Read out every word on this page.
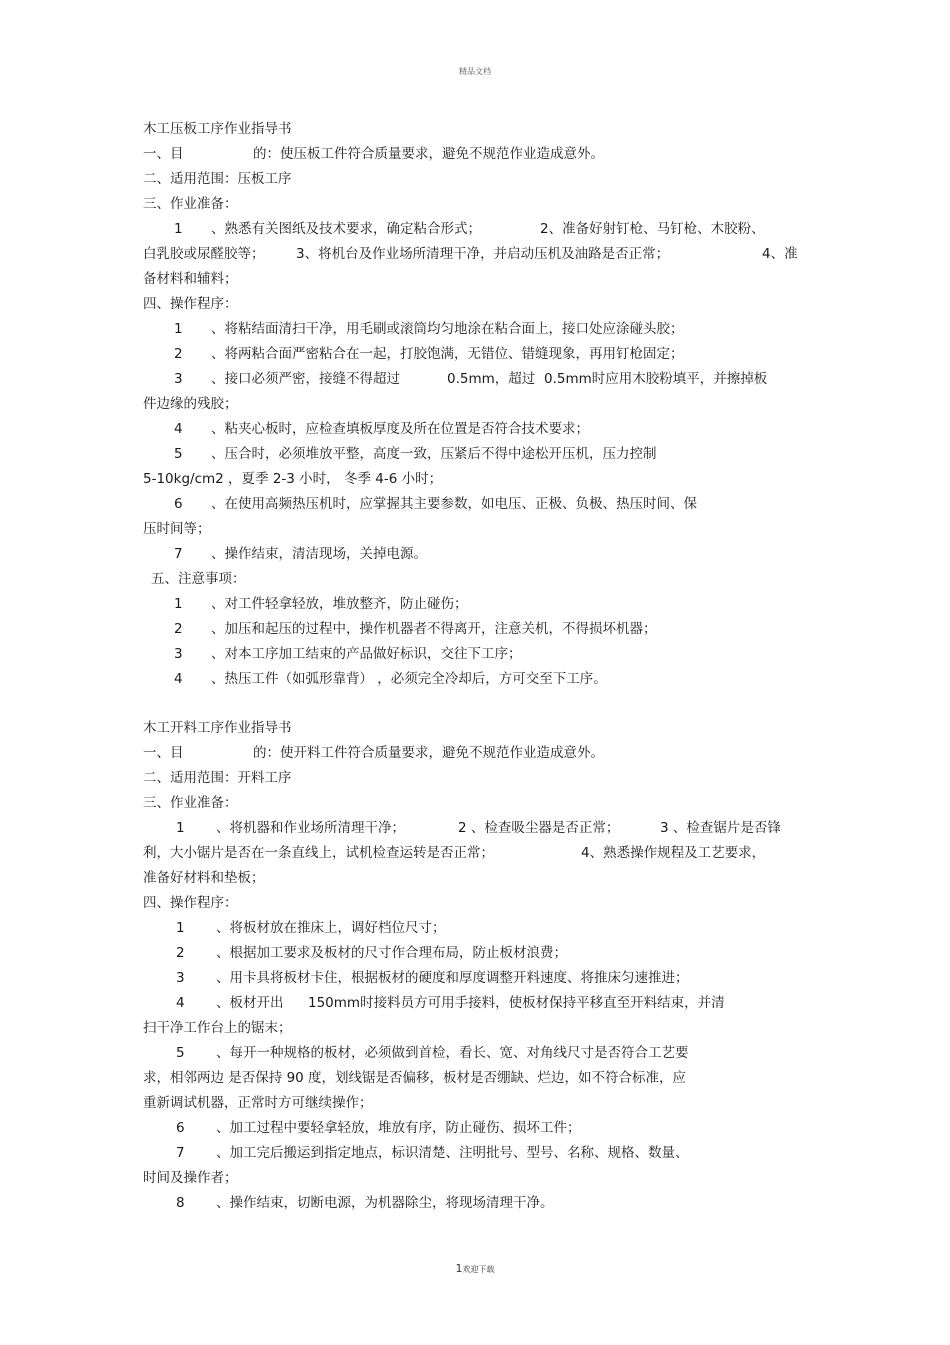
精品文档
木工压板工序作业指导书
一、目	的：使压板工件符合质量要求，避免不规范作业造成意外。
二、适用范围：压板工序
三、作业准备：
1 、熟悉有关图纸及技术要求，确定粘合形式；	2、准备好射钉枪、马钉枪、木胶粉、
白乳胶或尿醛胶等； 3、将机台及作业场所清理干净，并启动压机及油路是否正常；	4、准
备材料和辅料；
四、操作程序：
1 、将粘结面清扫干净，用毛刷或滚筒均匀地涂在粘合面上，接口处应涂碰头胶；
2 、将两粘合面严密粘合在一起，打胶饱满，无错位、错缝现象，再用钉枪固定；
3 、接口必须严密，接缝不得超过	0.5mm，超过 0.5mm时应用木胶粉填平，并擦掉板
件边缘的残胶；
4 、粘夹心板时，应检查填板厚度及所在位置是否符合技术要求；
5 、压合时，必须堆放平整，高度一致，压紧后不得中途松开压机，压力控制
5-10kg/cm2 ，夏季 2-3 小时， 冬季 4-6 小时；
6 、在使用高频热压机时，应掌握其主要参数，如电压、正极、负极、热压时间、保
压时间等；
7 、操作结束，清洁现场，关掉电源。
五、注意事项：
1 、对工件轻拿轻放，堆放整齐，防止碰伤；
2 、加压和起压的过程中，操作机器者不得离开，注意关机，不得损坏机器；
3 、对本工序加工结束的产品做好标识，交往下工序；
4 、热压工件（如弧形靠背） ，必须完全冷却后，方可交至下工序。
木工开料工序作业指导书
一、目	的：使开料工件符合质量要求，避免不规范作业造成意外。
二、适用范围：开料工序
三、作业准备：
1 、将机器和作业场所清理干净；	2 、检查吸尘器是否正常；	3 、检查锯片是否锋
利，大小锯片是否在一条直线上，试机检查运转是否正常；	4、熟悉操作规程及工艺要求，
准备好材料和垫板；
四、操作程序：
1 、将板材放在推床上，调好档位尺寸；
2 、根据加工要求及板材的尺寸作合理布局，防止板材浪费；
3 、用卡具将板材卡住，根据板材的硬度和厚度调整开料速度、将推床匀速推进；
4 、板材开出 150mm时接料员方可用手接料，使板材保持平移直至开料结束，并清
扫干净工作台上的锯末；
5 、每开一种规格的板材，必须做到首检，看长、宽、对角线尺寸是否符合工艺要
求，相邻两边 是否保持 90 度，划线锯是否偏移，板材是否绷缺、烂边，如不符合标准，应
重新调试机器，正常时方可继续操作；
6 、加工过程中要轻拿轻放，堆放有序，防止碰伤、损坏工件；
7 、加工完后搬运到指定地点，标识清楚、注明批号、型号、名称、规格、数量、
时间及操作者；
8 、操作结束，切断电源，为机器除尘，将现场清理干净。
1欢迎下载
